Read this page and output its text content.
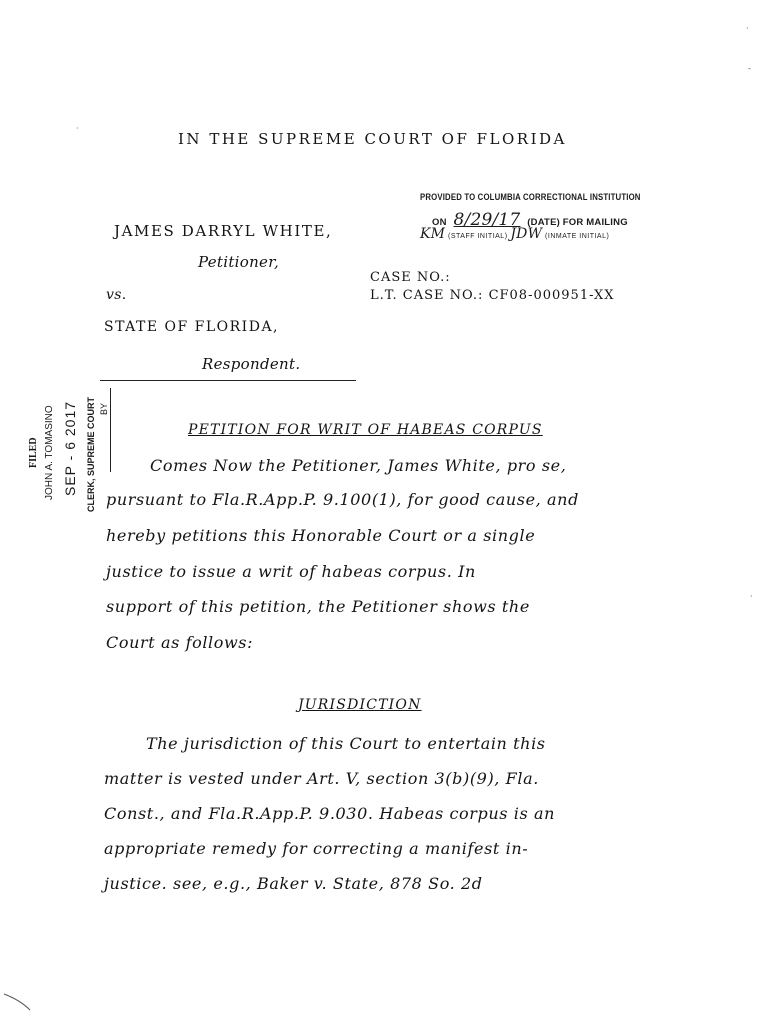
IN THE SUPREME COURT OF FLORIDA
JAMES DARRYL WHITE,
Petitioner,
vs.
STATE OF FLORIDA,
Respondent.
CASE NO.:
L.T. CASE NO.: CF08-000951-XX
PROVIDED TO COLUMBIA CORRECTIONAL INSTITUTION
ON 8/29/17 (DATE) FOR MAILING
KM (STAFF INITIAL) JDW (INMATE INITIAL)
FILED JOHN A. TOMASINO SEP - 6 2017 CLERK, SUPREME COURT BY
PETITION FOR WRIT OF HABEAS CORPUS
Comes Now the Petitioner, James White, pro se,
pursuant to Fla.R.App.P. 9.100(1), for good cause, and
hereby petitions this Honorable Court or a single
justice to issue a writ of habeas corpus. In
support of this petition, the Petitioner shows the
Court as follows:
JURISDICTION
The jurisdiction of this Court to entertain this
matter is vested under Art. V, section 3(b)(9), Fla.
Const., and Fla.R.App.P. 9.030. Habeas corpus is an
appropriate remedy for correcting a manifest in-
justice. see, e.g., Baker v. State, 878 So. 2d
·
·
-
·
